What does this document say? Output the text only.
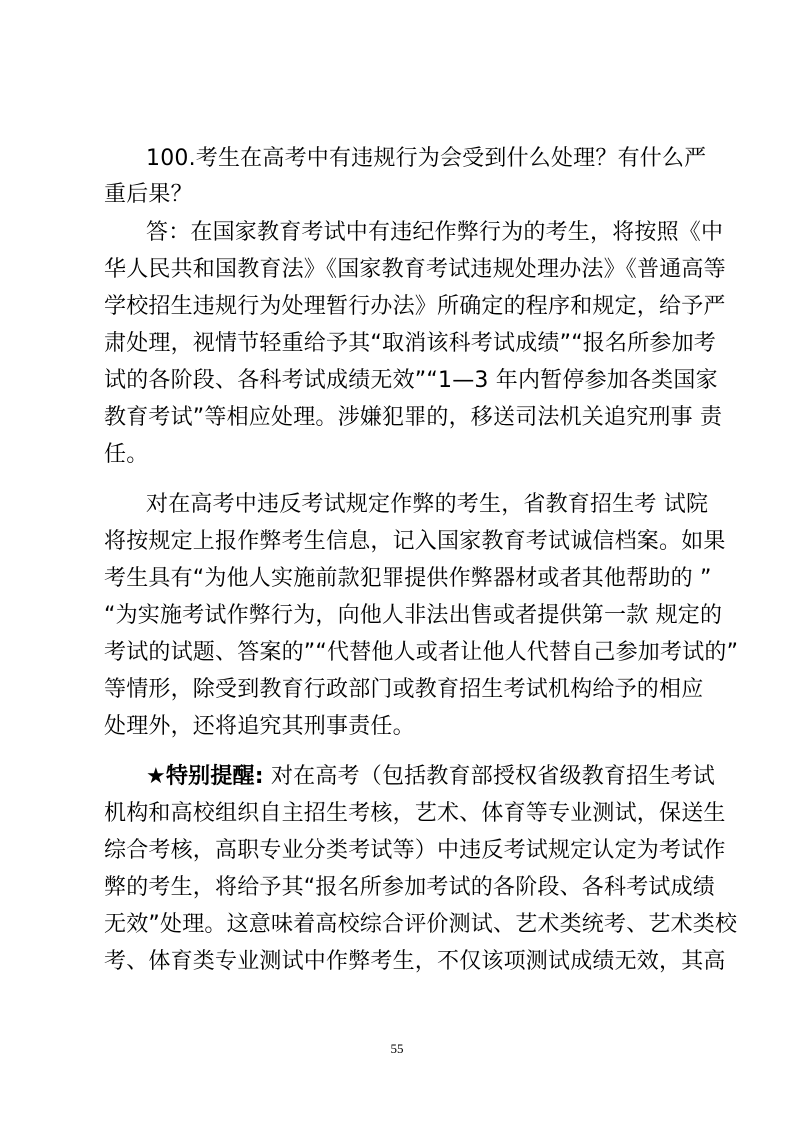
100.考生在高考中有违规行为会受到什么处理？有什么严
重后果？
答：在国家教育考试中有违纪作弊行为的考生，将按照《中
华人民共和国教育法》《国家教育考试违规处理办法》《普通高等
学校招生违规行为处理暂行办法》所确定的程序和规定，给予严
肃处理，视情节轻重给予其“取消该科考试成绩”“报名所参加考
试的各阶段、各科考试成绩无效”“1—3 年内暂停参加各类国家
教育考试”等相应处理。涉嫌犯罪的，移送司法机关追究刑事 责
任。
对在高考中违反考试规定作弊的考生，省教育招生考 试院
将按规定上报作弊考生信息，记入国家教育考试诚信档案。如果
考生具有“为他人实施前款犯罪提供作弊器材或者其他帮助的 ”
“为实施考试作弊行为，向他人非法出售或者提供第一款 规定的
考试的试题、答案的”“代替他人或者让他人代替自己参加考试的”
等情形，除受到教育行政部门或教育招生考试机构给予的相应
处理外，还将追究其刑事责任。
★特别提醒: 对在高考（包括教育部授权省级教育招生考试
机构和高校组织自主招生考核，艺术、体育等专业测试，保送生
综合考核，高职专业分类考试等）中违反考试规定认定为考试作
弊的考生，将给予其“报名所参加考试的各阶段、各科考试成绩
无效”处理。这意味着高校综合评价测试、艺术类统考、艺术类校
考、体育类专业测试中作弊考生，不仅该项测试成绩无效，其高
55
